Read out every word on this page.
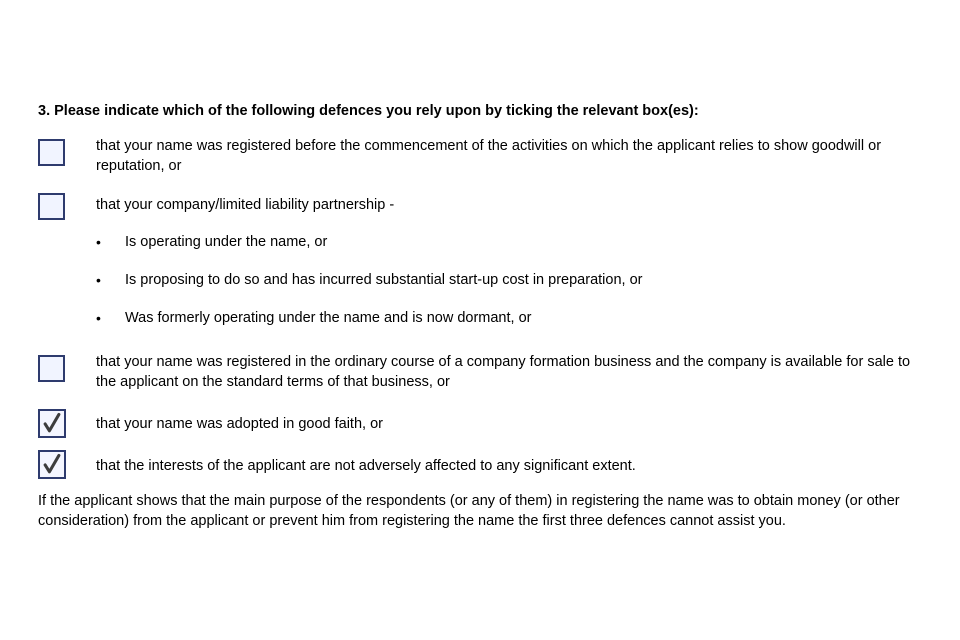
3. Please indicate which of the following defences you rely upon by ticking the relevant box(es):
that your name was registered before the commencement of the activities on which the applicant relies to show goodwill or reputation, or
that your company/limited liability partnership -
• Is operating under the name, or
• Is proposing to do so and has incurred substantial start-up cost in preparation, or
• Was formerly operating under the name and is now dormant, or
that your name was registered in the ordinary course of a company formation business and the company is available for sale to the applicant on the standard terms of that business, or
that your name was adopted in good faith, or
that the interests of the applicant are not adversely affected to any significant extent.
If the applicant shows that the main purpose of the respondents (or any of them) in registering the name was to obtain money (or other consideration) from the applicant or prevent him from registering the name the first three defences cannot assist you.
